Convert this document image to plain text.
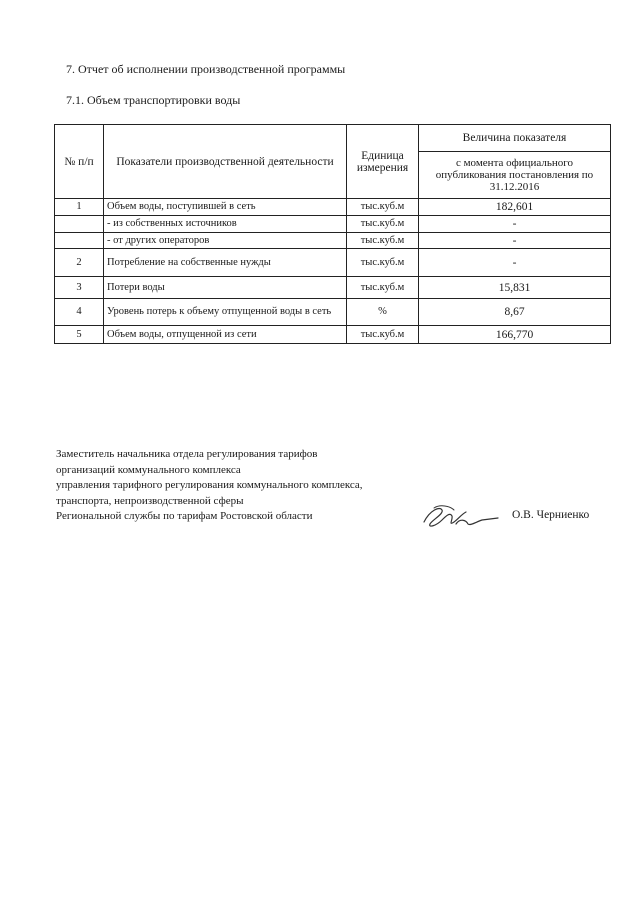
7. Отчет об исполнении производственной программы
7.1. Объем транспортировки воды
№ п/п	Показатели производственной деятельности	Единица измерения	Величина показателя
			с момента официального опубликования постановления по 31.12.2016
1	Объем воды, поступившей в сеть	тыс.куб.м	182,601
	- из собственных источников	тыс.куб.м	-
	- от других операторов	тыс.куб.м	-
2	Потребление на собственные нужды	тыс.куб.м	-
3	Потери воды	тыс.куб.м	15,831
4	Уровень потерь к объему отпущенной воды в сеть	%	8,67
5	Объем воды, отпущенной из сети	тыс.куб.м	166,770
Заместитель начальника отдела регулирования тарифов
организаций коммунального комплекса
управления тарифного регулирования коммунального комплекса,
транспорта, непроизводственной сферы
Региональной службы по тарифам Ростовской области	О.В. Черниенко
